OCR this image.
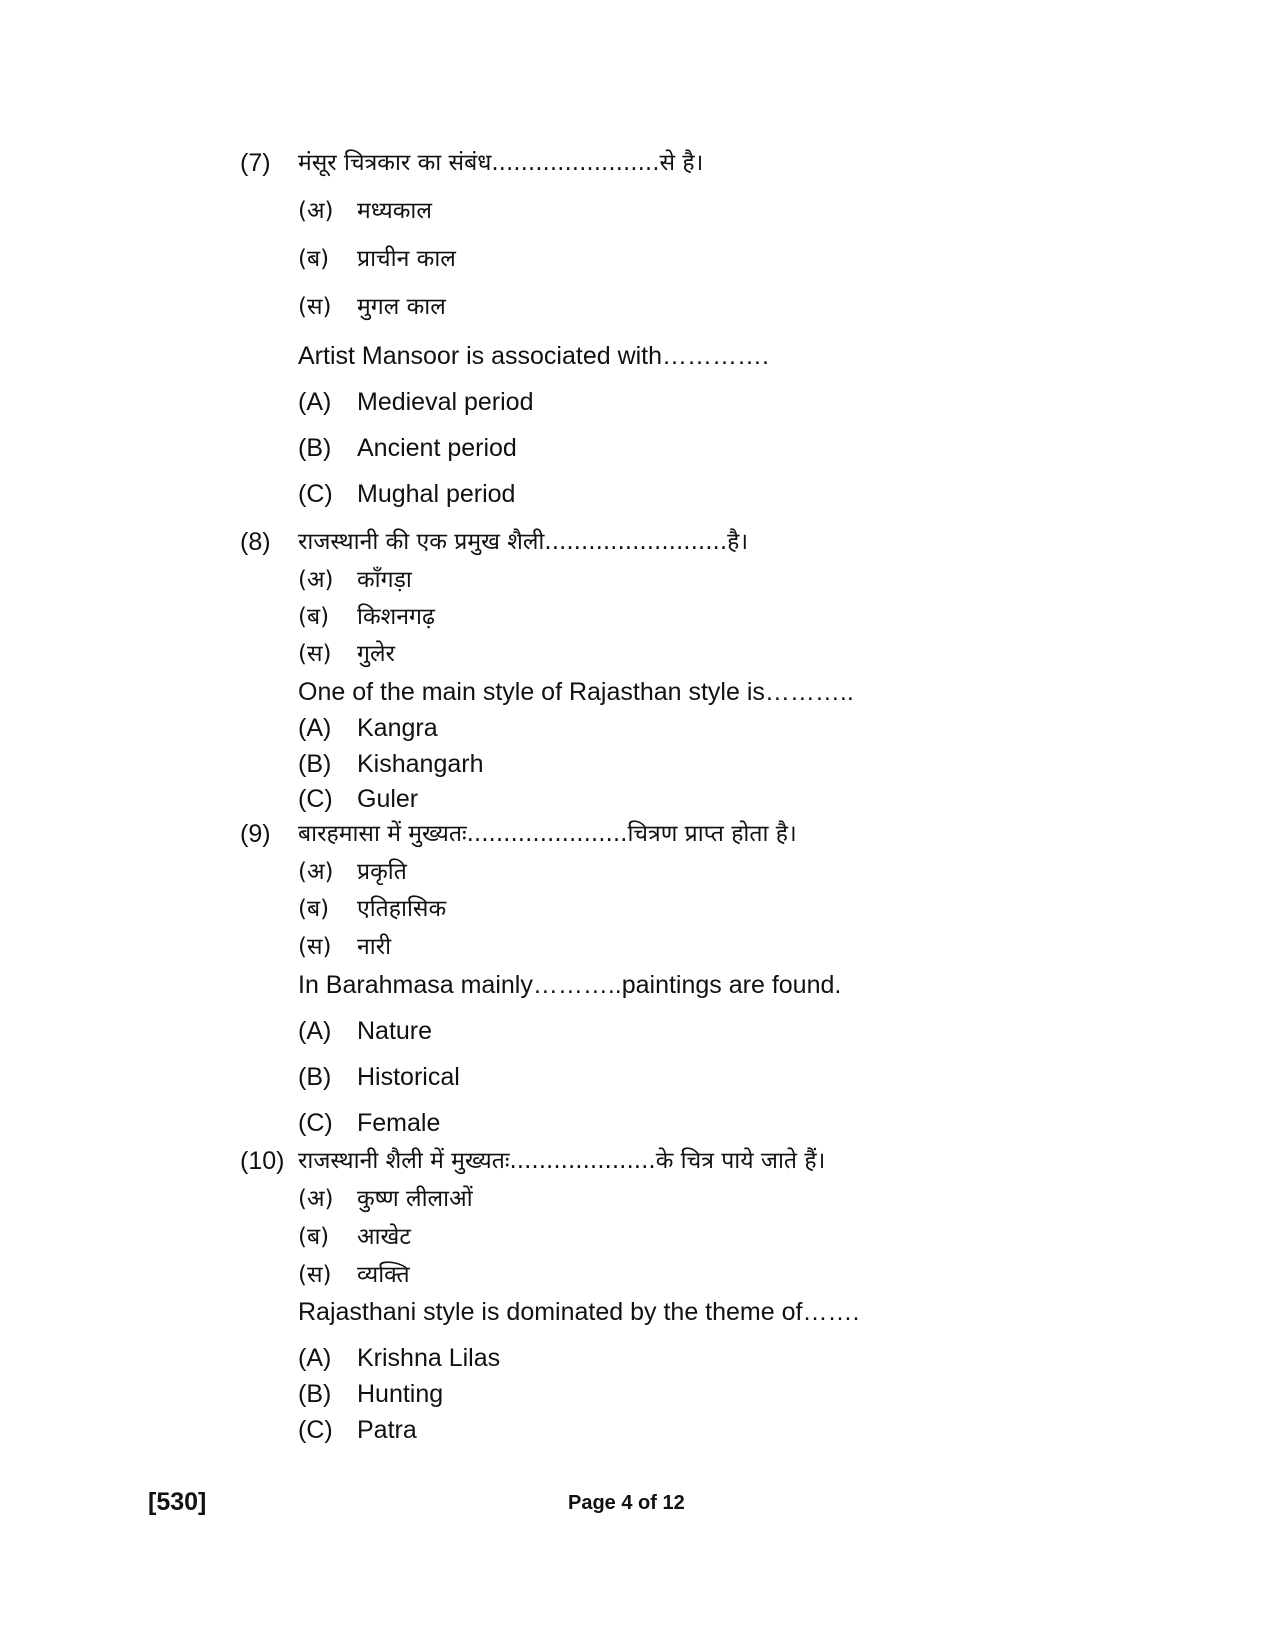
(7) मंसूर चित्रकार का संबंध.......................से है।
(अ) मध्यकाल
(ब) प्राचीन काल
(स) मुगल काल
Artist Mansoor is associated with………….
(A) Medieval period
(B) Ancient period
(C) Mughal period
(8) राजस्थानी की एक प्रमुख शैली.........................है।
(अ) काँगड़ा
(ब) किशनगढ़
(स) गुलेर
One of the main style of Rajasthan style is………..
(A) Kangra
(B) Kishangarh
(C) Guler
(9) बारहमासा में मुख्यतः......................चित्रण प्राप्त होता है।
(अ) प्रकृति
(ब) एतिहासिक
(स) नारी
In Barahmasa mainly………..paintings are found.
(A) Nature
(B) Historical
(C) Female
(10) राजस्थानी शैली में मुख्यतः....................के चित्र पाये जाते हैं।
(अ) कुष्ण लीलाओं
(ब) आखेट
(स) व्यक्ति
Rajasthani style is dominated by the theme of…….
(A) Krishna Lilas
(B) Hunting
(C) Patra
[530]	Page 4 of 12
